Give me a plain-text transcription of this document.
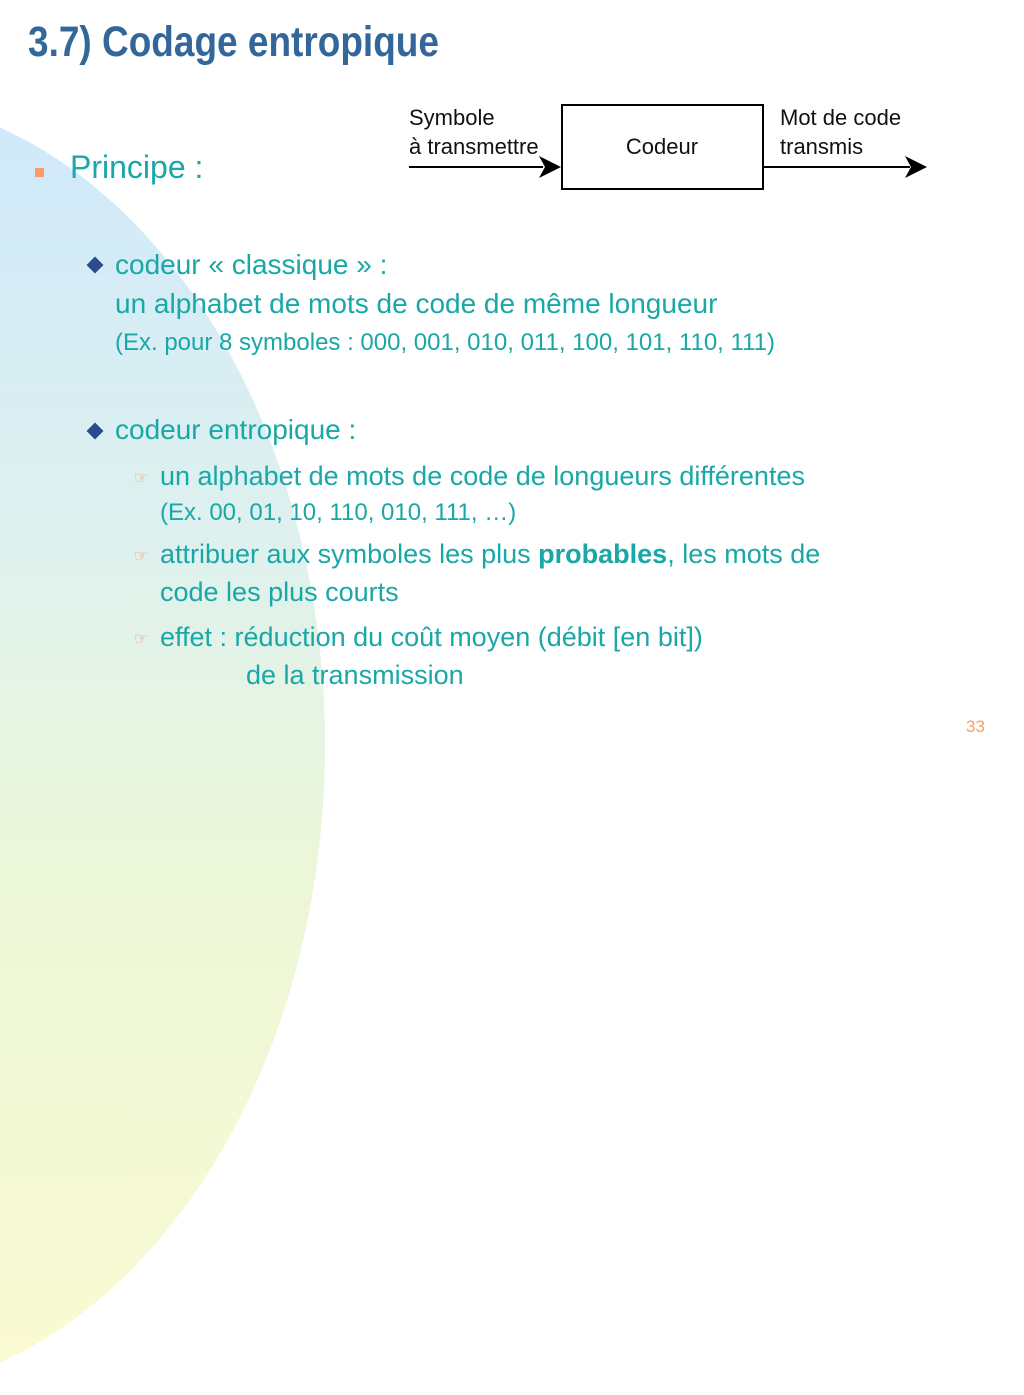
3.7) Codage entropique
Symbole
à transmettre	Codeur
Mot de code
transmis
Principe :
codeur « classique » :
un alphabet de mots de code de même longueur
(Ex. pour 8 symboles : 000, 001, 010, 011, 100, 101, 110, 111)
codeur entropique :
☞ un alphabet de mots de code de longueurs différentes
(Ex. 00, 01, 10, 110, 010, 111, …)
☞ attribuer aux symboles les plus probables, les mots de
code les plus courts
☞ effet : réduction du coût moyen (débit [en bit])
de la transmission
33
